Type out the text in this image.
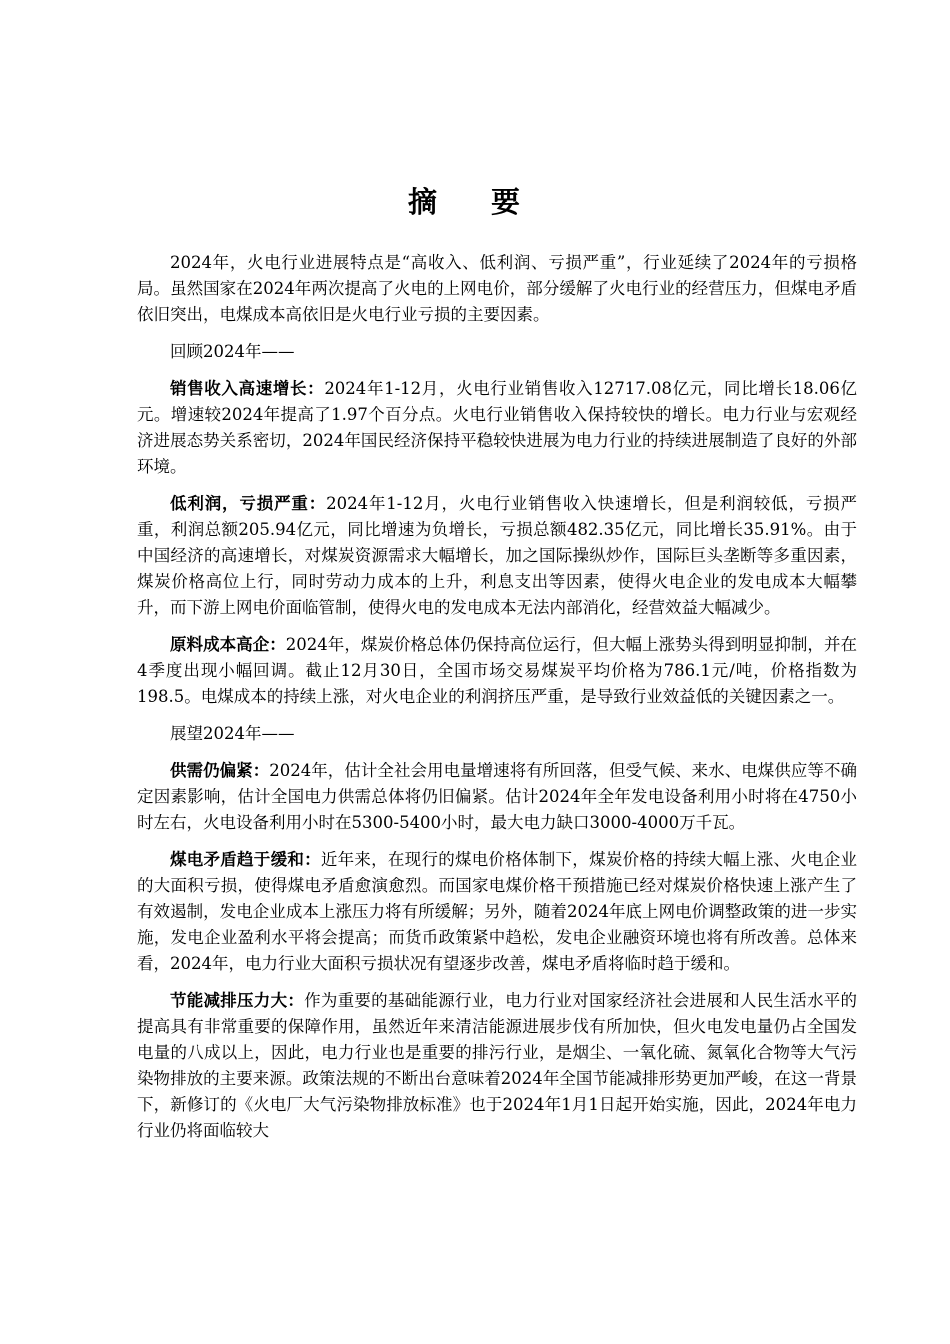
摘 要

2024年，火电行业进展特点是“高收入、低利润、亏损严重”，行业延续了2024年的亏损格局。虽然国家在2024年两次提高了火电的上网电价，部分缓解了火电行业的经营压力，但煤电矛盾依旧突出，电煤成本高依旧是火电行业亏损的主要因素。

回顾2024年——

销售收入高速增长：2024年1-12月，火电行业销售收入12717.08亿元，同比增长18.06亿元。增速较2024年提高了1.97个百分点。火电行业销售收入保持较快的增长。电力行业与宏观经济进展态势关系密切，2024年国民经济保持平稳较快进展为电力行业的持续进展制造了良好的外部环境。

低利润，亏损严重：2024年1-12月，火电行业销售收入快速增长，但是利润较低，亏损严重，利润总额205.94亿元，同比增速为负增长，亏损总额482.35亿元，同比增长35.91%。由于中国经济的高速增长，对煤炭资源需求大幅增长，加之国际操纵炒作，国际巨头垄断等多重因素，煤炭价格高位上行，同时劳动力成本的上升，利息支出等因素，使得火电企业的发电成本大幅攀升，而下游上网电价面临管制，使得火电的发电成本无法内部消化，经营效益大幅减少。

原料成本高企：2024年，煤炭价格总体仍保持高位运行，但大幅上涨势头得到明显抑制，并在4季度出现小幅回调。截止12月30日，全国市场交易煤炭平均价格为786.1元/吨，价格指数为198.5。电煤成本的持续上涨，对火电企业的利润挤压严重，是导致行业效益低的关键因素之一。

展望2024年——

供需仍偏紧：2024年，估计全社会用电量增速将有所回落，但受气候、来水、电煤供应等不确定因素影响，估计全国电力供需总体将仍旧偏紧。估计2024年全年发电设备利用小时将在4750小时左右，火电设备利用小时在5300-5400小时，最大电力缺口3000-4000万千瓦。

煤电矛盾趋于缓和：近年来，在现行的煤电价格体制下，煤炭价格的持续大幅上涨、火电企业的大面积亏损，使得煤电矛盾愈演愈烈。而国家电煤价格干预措施已经对煤炭价格快速上涨产生了有效遏制，发电企业成本上涨压力将有所缓解；另外，随着2024年底上网电价调整政策的进一步实施，发电企业盈利水平将会提高；而货币政策紧中趋松，发电企业融资环境也将有所改善。总体来看，2024年，电力行业大面积亏损状况有望逐步改善，煤电矛盾将临时趋于缓和。

节能减排压力大：作为重要的基础能源行业，电力行业对国家经济社会进展和人民生活水平的提高具有非常重要的保障作用，虽然近年来清洁能源进展步伐有所加快，但火电发电量仍占全国发电量的八成以上，因此，电力行业也是重要的排污行业，是烟尘、一氧化硫、氮氧化合物等大气污染物排放的主要来源。政策法规的不断出台意味着2024年全国节能减排形势更加严峻，在这一背景下，新修订的《火电厂大气污染物排放标准》也于2024年1月1日起开始实施，因此，2024年电力行业仍将面临较大
